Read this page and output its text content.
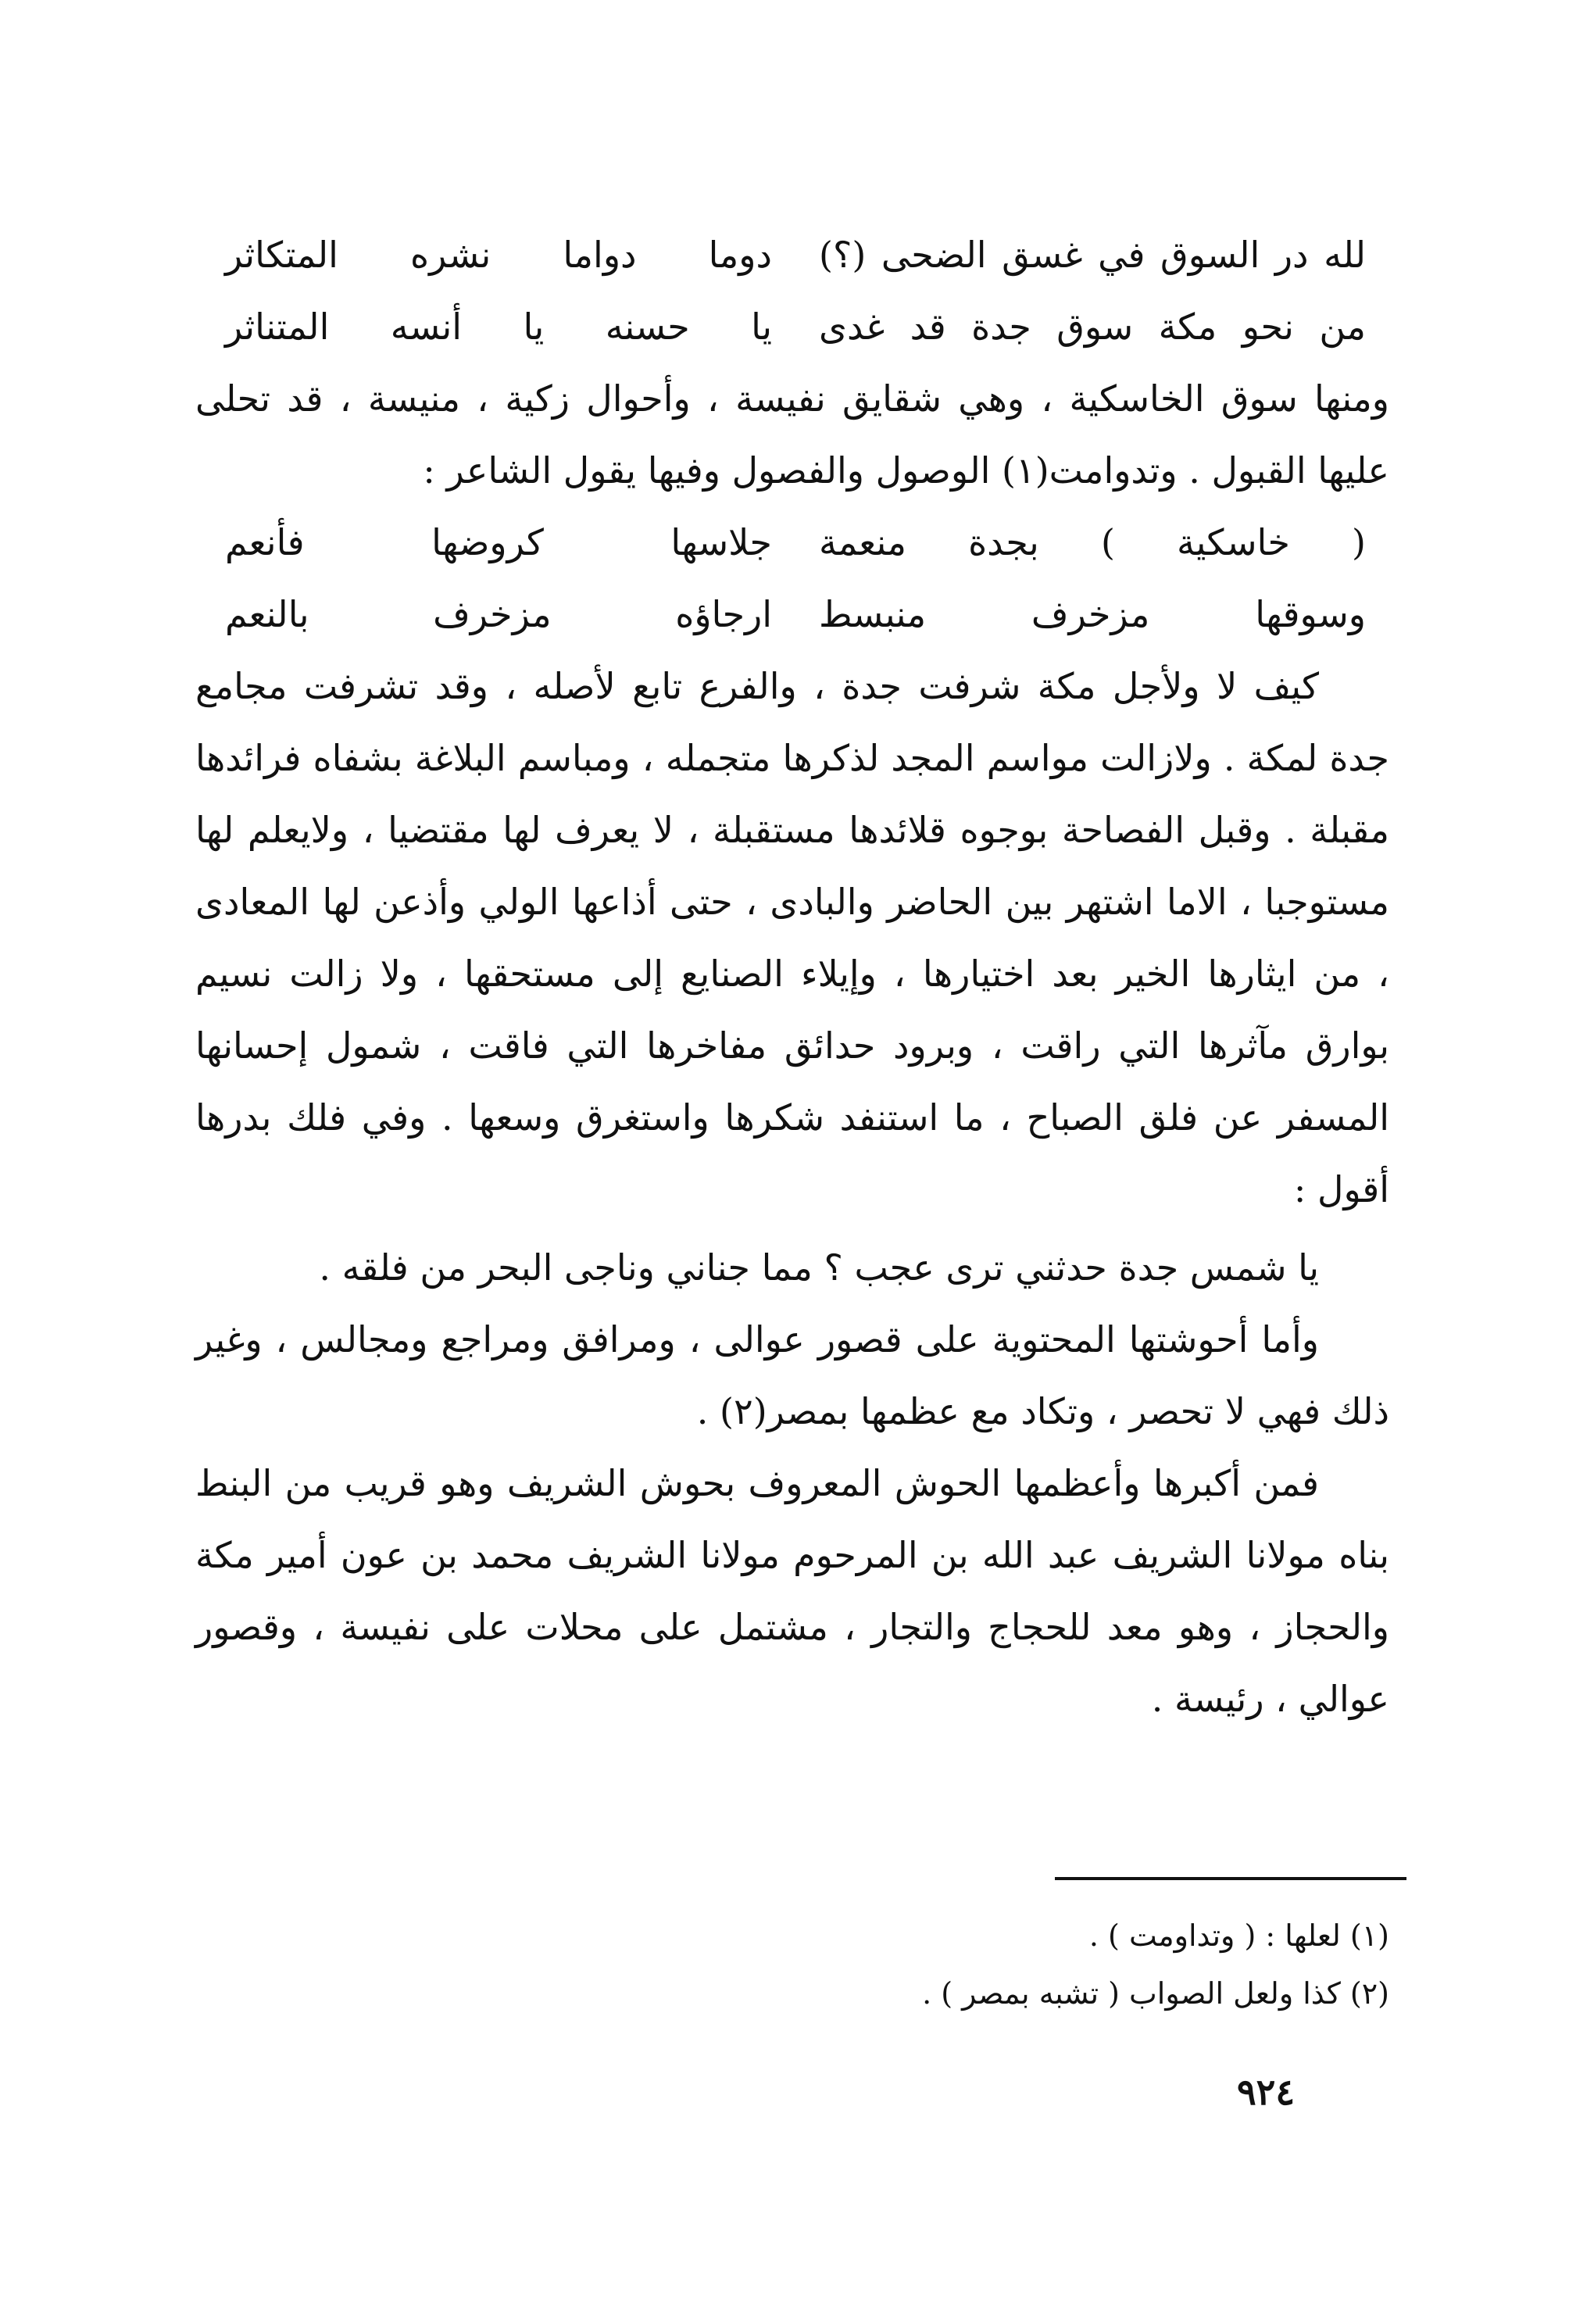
لله در السوق في غسق الضحى (؟)
دوما دواما نشره المتكاثر
من نحو مكة سوق جدة قد غدى
يا حسنه يا أنسه المتناثر

ومنها سوق الخاسكية ، وهي شقايق نفيسة ، وأحوال زكية ، منيسة ، قد تحلى عليها القبول . وتدوامت(١) الوصول والفصول وفيها يقول الشاعر :

( خاسكية ) بجدة منعمة
جلاسها كروضها فأنعم
وسوقها مزخرف منبسط
ارجاؤه مزخرف بالنعم

كيف لا ولأجل مكة شرفت جدة ، والفرع تابع لأصله ، وقد تشرفت مجامع جدة لمكة . ولازالت مواسم المجد لذكرها متجمله ، ومباسم البلاغة بشفاه فرائدها مقبلة . وقبل الفصاحة بوجوه قلائدها مستقبلة ، لا يعرف لها مقتضيا ، ولايعلم لها مستوجبا ، الاما اشتهر بين الحاضر والبادى ، حتى أذاعها الولي وأذعن لها المعادى ، من ايثارها الخير بعد اختيارها ، وإيلاء الصنايع إلى مستحقها ، ولا زالت نسيم بوارق مآثرها التي راقت ، وبرود حدائق مفاخرها التي فاقت ، شمول إحسانها المسفر عن فلق الصباح ، ما استنفد شكرها واستغرق وسعها . وفي فلك بدرها أقول :

يا شمس جدة حدثني ترى عجب ؟ مما جناني وناجى البحر من فلقه .

وأما أحوشتها المحتوية على قصور عوالى ، ومرافق ومراجع ومجالس ، وغير ذلك فهي لا تحصر ، وتكاد مع عظمها بمصر(٢) .

فمن أكبرها وأعظمها الحوش المعروف بحوش الشريف وهو قريب من البنط بناه مولانا الشريف عبد الله بن المرحوم مولانا الشريف محمد بن عون أمير مكة والحجاز ، وهو معد للحجاج والتجار ، مشتمل على محلات على نفيسة ، وقصور عوالي ، رئيسة .

(١) لعلها : ( وتداومت ) .
(٢) كذا ولعل الصواب ( تشبه بمصر ) .
٩٢٤
